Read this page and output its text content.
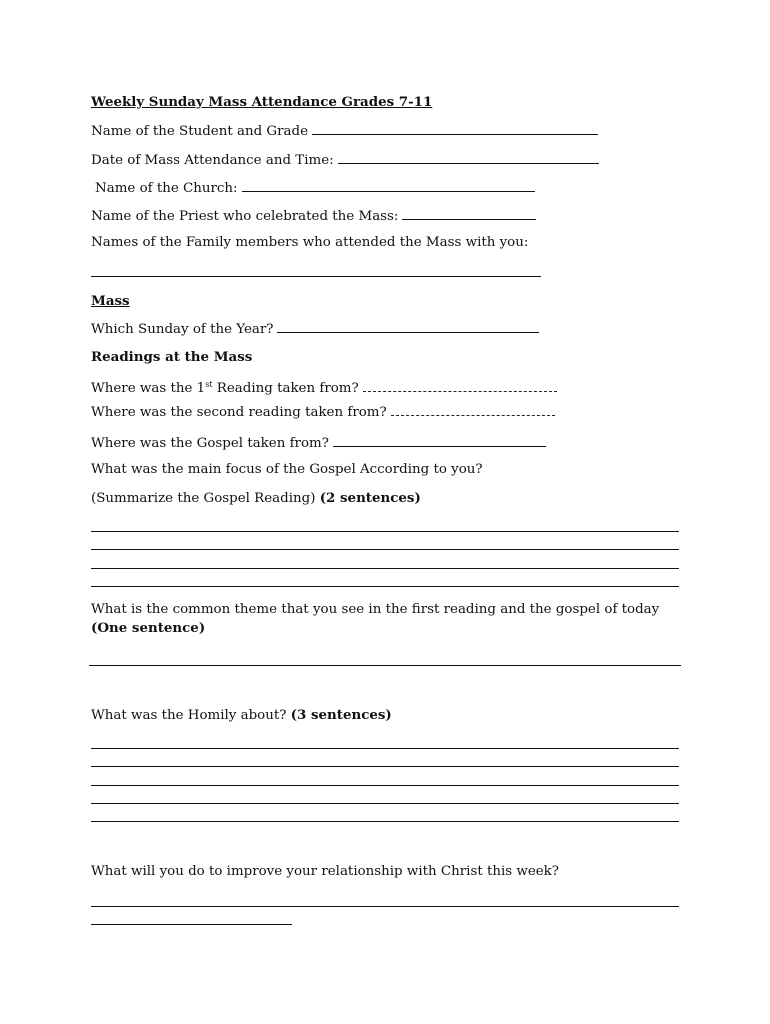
Weekly Sunday Mass Attendance Grades 7-11
Name of the Student and Grade
Date of Mass Attendance and Time:
Name of the Church:
Name of the Priest who celebrated the Mass:
Names of the Family members who attended the Mass with you:
Mass
Which Sunday of the Year?
Readings at the Mass
Where was the 1st Reading taken from?
Where was the second reading taken from?
Where was the Gospel taken from?
What was the main focus of the Gospel According to you?
(Summarize the Gospel Reading) (2 sentences)
What is the common theme that you see in the first reading and the gospel of today
(One sentence)
What was the Homily about? (3 sentences)
What will you do to improve your relationship with Christ this week?
